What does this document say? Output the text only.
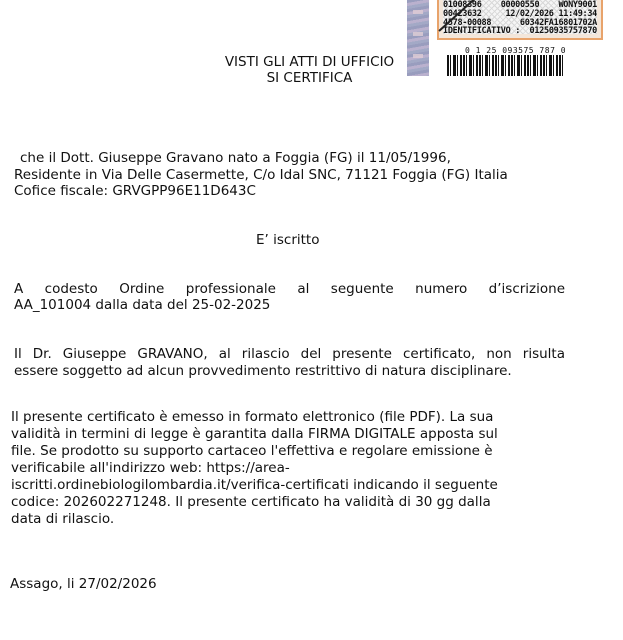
01008396 00000550 WONY9001
00423632	12/02/2026 11:49:34
4578-00088	60342FA16801702A
IDENTIFICATIVO : 01250935757870
0 1 25 093575 787 0
VISTI GLI ATTI DI UFFICIO
SI CERTIFICA
che il Dott. Giuseppe Gravano nato a Foggia (FG) il 11/05/1996,
Residente in Via Delle Casermette, C/o Idal SNC, 71121 Foggia (FG) Italia
Cofice fiscale: GRVGPP96E11D643C
E’ iscritto
A codesto Ordine professionale al seguente numero d’iscrizione
AA_101004 dalla data del 25-02-2025
Il Dr. Giuseppe GRAVANO, al rilascio del presente certificato, non risulta
essere soggetto ad alcun provvedimento restrittivo di natura disciplinare.
Il presente certificato è emesso in formato elettronico (file PDF). La sua
validità in termini di legge è garantita dalla FIRMA DIGITALE apposta sul
file. Se prodotto su supporto cartaceo l'effettiva e regolare emissione è
verificabile all'indirizzo web: https://area-
iscritti.ordinebiologilombardia.it/verifica-certificati indicando il seguente
codice: 202602271248. Il presente certificato ha validità di 30 gg dalla
data di rilascio.
Assago, li 27/02/2026
